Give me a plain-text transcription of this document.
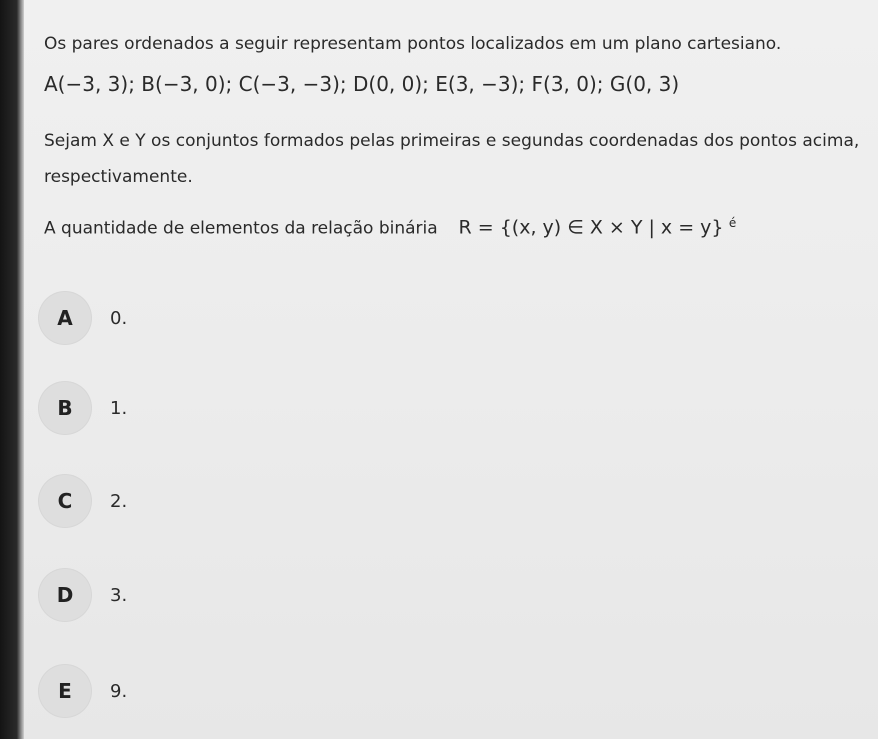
Os pares ordenados a seguir representam pontos localizados em um plano cartesiano.
A(−3, 3); B(−3, 0); C(−3, −3); D(0, 0); E(3, −3); F(3, 0); G(0, 3)
Sejam X e Y os conjuntos formados pelas primeiras e segundas coordenadas dos pontos acima,
respectivamente.
A quantidade de elementos da relação binária R = {(x, y) ∈ X × Y | x = y} $^é$
A	0.
B	1.
C	2.
D	3.
E	9.
